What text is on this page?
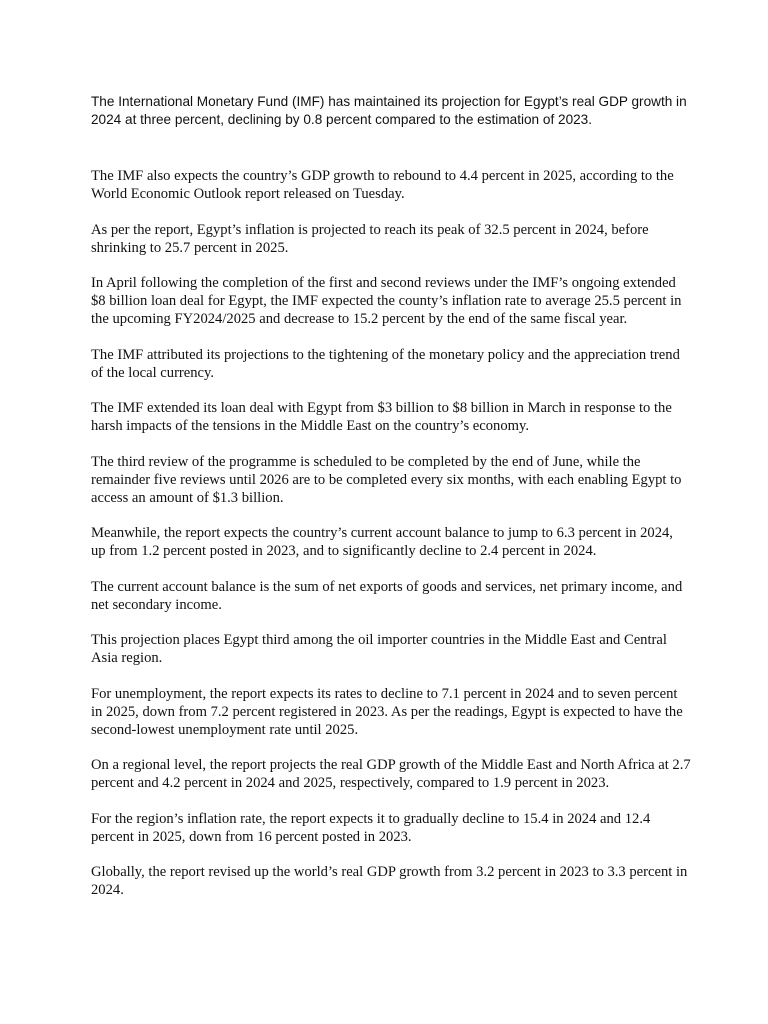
The International Monetary Fund (IMF) has maintained its projection for Egypt’s real GDP growth in 2024 at three percent, declining by 0.8 percent compared to the estimation of 2023.

The IMF also expects the country’s GDP growth to rebound to 4.4 percent in 2025, according to the World Economic Outlook report released on Tuesday.

As per the report, Egypt’s inflation is projected to reach its peak of 32.5 percent in 2024, before shrinking to 25.7 percent in 2025.

In April following the completion of the first and second reviews under the IMF’s ongoing extended $8 billion loan deal for Egypt, the IMF expected the county’s inflation rate to average 25.5 percent in the upcoming FY2024/2025 and decrease to 15.2 percent by the end of the same fiscal year.

The IMF attributed its projections to the tightening of the monetary policy and the appreciation trend of the local currency.

The IMF extended its loan deal with Egypt from $3 billion to $8 billion in March in response to the harsh impacts of the tensions in the Middle East on the country’s economy.

The third review of the programme is scheduled to be completed by the end of June, while the remainder five reviews until 2026 are to be completed every six months, with each enabling Egypt to access an amount of $1.3 billion.

Meanwhile, the report expects the country’s current account balance to jump to 6.3 percent in 2024, up from 1.2 percent posted in 2023, and to significantly decline to 2.4 percent in 2024.

The current account balance is the sum of net exports of goods and services, net primary income, and net secondary income.

This projection places Egypt third among the oil importer countries in the Middle East and Central Asia region.

For unemployment, the report expects its rates to decline to 7.1 percent in 2024 and to seven percent in 2025, down from 7.2 percent registered in 2023. As per the readings, Egypt is expected to have the second-lowest unemployment rate until 2025.

On a regional level, the report projects the real GDP growth of the Middle East and North Africa at 2.7 percent and 4.2 percent in 2024 and 2025, respectively, compared to 1.9 percent in 2023.

For the region’s inflation rate, the report expects it to gradually decline to 15.4 in 2024 and 12.4 percent in 2025, down from 16 percent posted in 2023.

Globally, the report revised up the world’s real GDP growth from 3.2 percent in 2023 to 3.3 percent in 2024.
